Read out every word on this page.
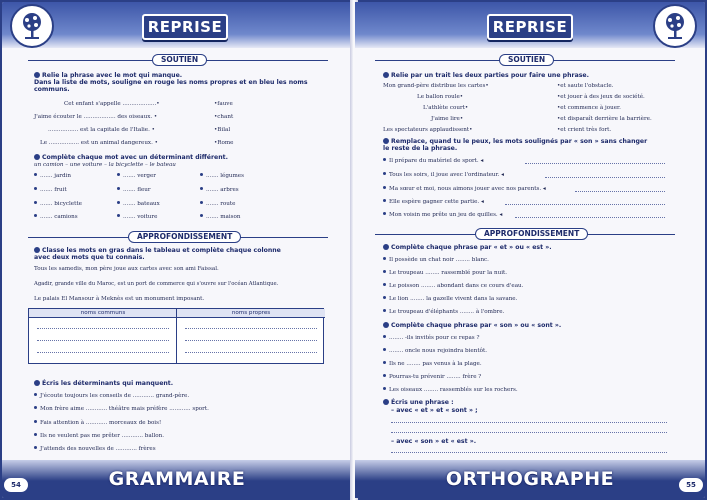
REPRISE
SOUTIEN
Relie la phrase avec le mot qui manque.
Dans la liste de mots, souligne en rouge les noms propres et en bleu les noms
communs.
Cet enfant s'appelle ...................•
J'aime écouter le .................. des oiseaux. •
................. est la capitale de l'Italie. •
Le ................. est un animal dangereux. •
•fauve
•chant
•Bilal
•Rome
Complète chaque mot avec un déterminant différent.
un camion – une voiture – la bicyclette – le bateau
....... jardin
....... fruit
....... bicyclette
....... camions
....... verger
....... fleur
....... bateaux
....... voiture
....... légumes
....... arbres
....... route
....... maison
APPROFONDISSEMENT
Classe les mots en gras dans le tableau et complète chaque colonne
avec deux mots que tu connais.
Tous les samedis, mon père joue aux cartes avec son ami Faissal.
Agadir, grande ville du Maroc, est un port de commerce qui s'ouvre sur l'océan Atlantique.
Le palais El Mansour à Meknès est un monument imposant.
noms communs	noms propres
Écris les déterminants qui manquent.
J'écoute toujours les conseils de ............ grand-père.
Mon frère aime ............ théâtre mais préfère ............ sport.
Fais attention à ............ morceaux de bois!
Ils ne veulent pas me prêter ............ ballon.
J'attends des nouvelles de ............ frères
GRAMMAIRE
54
REPRISE
SOUTIEN
Relie par un trait les deux parties pour faire une phrase.
Mon grand-père distribue les cartes•
Le ballon roule•
L'athlète court•
J'aime lire•
Les spectateurs applaudissent•
•et saute l'obstacle.
•et jouer à des jeux de société.
•et commence à jouer.
•et disparaît derrière la barrière.
•et crient très fort.
Remplace, quand tu le peux, les mots soulignés par « son » sans changer
le reste de la phrase.
Il prépare du matériel de sport. ◂
Tous les soirs, il joue avec l'ordinateur. ◂
Ma sœur et moi, nous aimons jouer avec nos parents. ◂
Elle espère gagner cette partie. ◂
Mon voisin me prête un jeu de quilles. ◂
APPROFONDISSEMENT
Complète chaque phrase par « et » ou « est ».
Il possède un chat noir ........ blanc.
Le troupeau ........ rassemblé pour la nuit.
Le poisson ........ abondant dans ce cours d'eau.
Le lion ........ la gazelle vivent dans la savane.
Le troupeau d'éléphants ........ à l'ombre.
Complète chaque phrase par « son » ou « sont ».
........ -ils invités pour ce repas ?
........ oncle nous rejoindra bientôt.
Ils ne ........ pas venus à la plage.
Pourras-tu prévenir ........ frère ?
Les oiseaux ........ rassemblés sur les rochers.
Écris une phrase :
– avec « et » et « sont » ;
– avec « son » et « est ».
ORTHOGRAPHE	55
